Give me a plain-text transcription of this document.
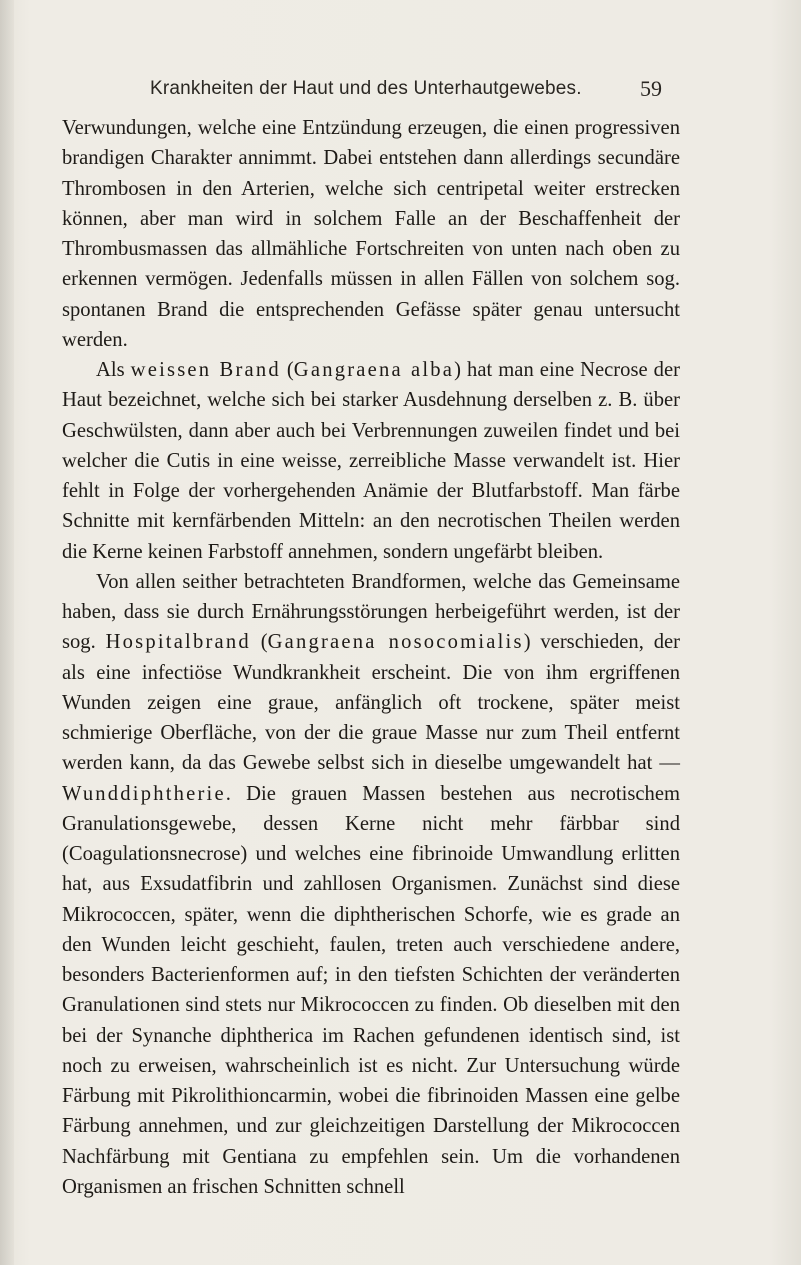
Krankheiten der Haut und des Unterhautgewebes.	59

Verwundungen, welche eine Entzündung erzeugen, die einen progressiven brandigen Charakter annimmt. Dabei entstehen dann allerdings secundäre Thrombosen in den Arterien, welche sich centripetal weiter erstrecken können, aber man wird in solchem Falle an der Beschaffenheit der Thrombusmassen das allmähliche Fortschreiten von unten nach oben zu erkennen vermögen. Jedenfalls müssen in allen Fällen von solchem sog. spontanen Brand die entsprechenden Gefässe später genau untersucht werden.

Als weissen Brand (Gangraena alba) hat man eine Necrose der Haut bezeichnet, welche sich bei starker Ausdehnung derselben z. B. über Geschwülsten, dann aber auch bei Verbrennungen zuweilen findet und bei welcher die Cutis in eine weisse, zerreibliche Masse verwandelt ist. Hier fehlt in Folge der vorhergehenden Anämie der Blutfarbstoff. Man färbe Schnitte mit kernfärbenden Mitteln: an den necrotischen Theilen werden die Kerne keinen Farbstoff annehmen, sondern ungefärbt bleiben.

Von allen seither betrachteten Brandformen, welche das Gemeinsame haben, dass sie durch Ernährungsstörungen herbeigeführt werden, ist der sog. Hospitalbrand (Gangraena nosocomialis) verschieden, der als eine infectiöse Wundkrankheit erscheint. Die von ihm ergriffenen Wunden zeigen eine graue, anfänglich oft trockene, später meist schmierige Oberfläche, von der die graue Masse nur zum Theil entfernt werden kann, da das Gewebe selbst sich in dieselbe umgewandelt hat — Wunddiphtherie. Die grauen Massen bestehen aus necrotischem Granulationsgewebe, dessen Kerne nicht mehr färbbar sind (Coagulationsnecrose) und welches eine fibrinoide Umwandlung erlitten hat, aus Exsudatfibrin und zahllosen Organismen. Zunächst sind diese Mikrococcen, später, wenn die diphtherischen Schorfe, wie es grade an den Wunden leicht geschieht, faulen, treten auch verschiedene andere, besonders Bacterienformen auf; in den tiefsten Schichten der veränderten Granulationen sind stets nur Mikrococcen zu finden. Ob dieselben mit den bei der Synanche diphtherica im Rachen gefundenen identisch sind, ist noch zu erweisen, wahrscheinlich ist es nicht. Zur Untersuchung würde Färbung mit Pikrolithioncarmin, wobei die fibrinoiden Massen eine gelbe Färbung annehmen, und zur gleichzeitigen Darstellung der Mikrococcen Nachfärbung mit Gentiana zu empfehlen sein. Um die vorhandenen Organismen an frischen Schnitten schnell
